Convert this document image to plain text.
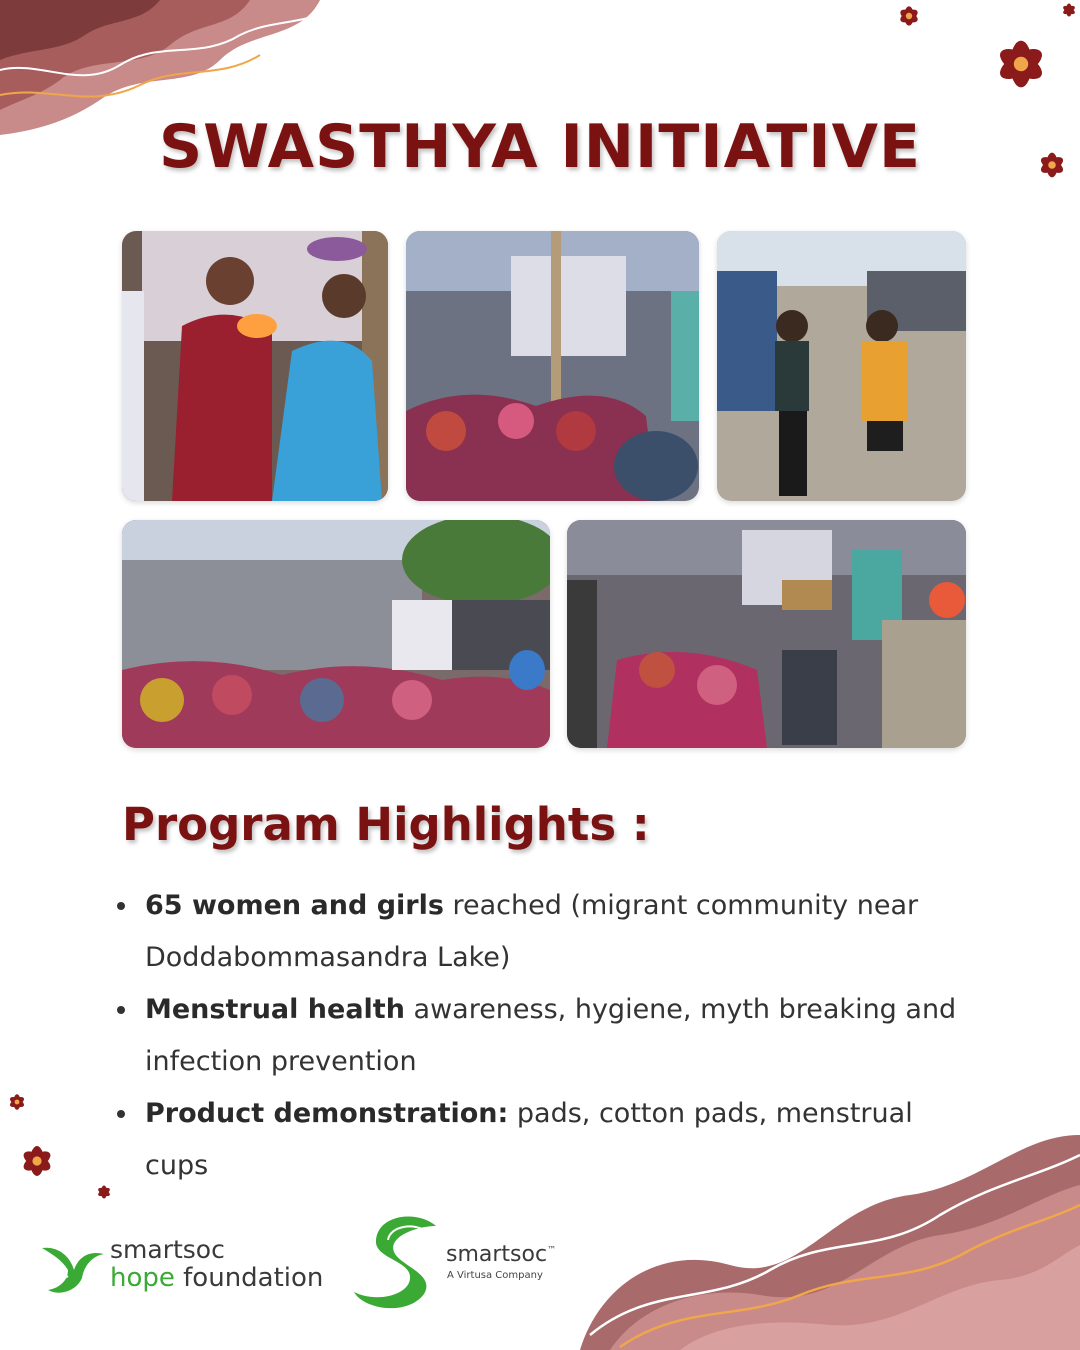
SWASTHYA INITIATIVE
Program Highlights :
65 women and girls reached (migrant community near Doddabommasandra Lake)
Menstrual health awareness, hygiene, myth breaking and infection prevention
Product demonstration: pads, cotton pads, menstrual cups
smartsoc
hope foundation
smartsoc™
A Virtusa Company
